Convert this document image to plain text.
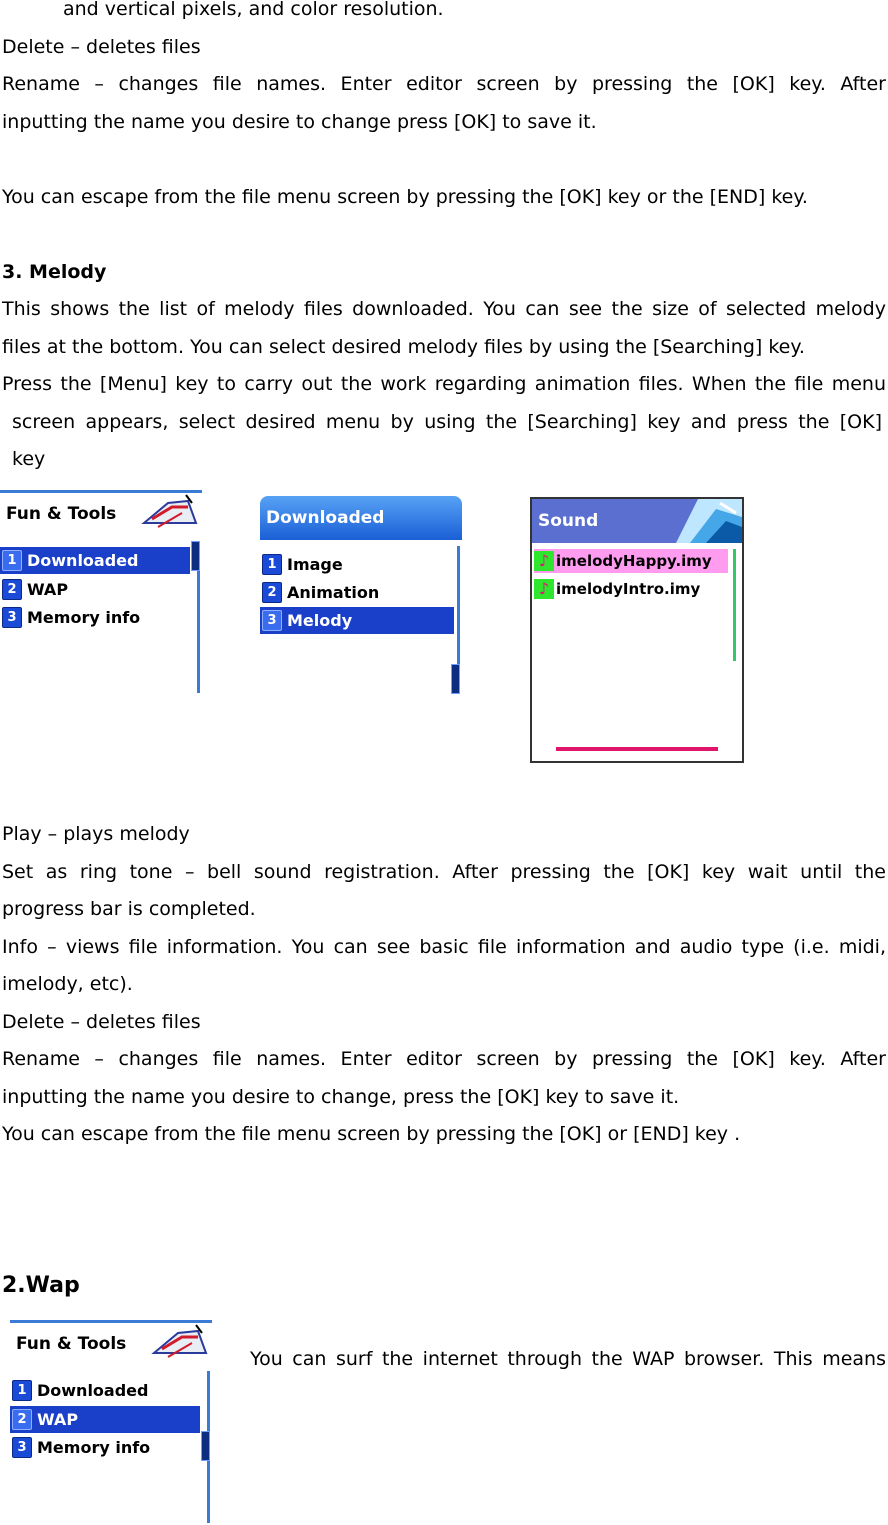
and vertical pixels, and color resolution.
Delete – deletes files
Rename – changes file names. Enter editor screen by pressing the [OK] key. After
inputting the name you desire to change press [OK] to save it.
You can escape from the file menu screen by pressing the [OK] key or the [END] key.
3. Melody
This shows the list of melody files downloaded. You can see the size of selected melody
files at the bottom. You can select desired melody files by using the [Searching] key.
Press the [Menu] key to carry out the work regarding animation files. When the file menu
screen appears, select desired menu by using the [Searching] key and press the [OK]
key
Fun & Tools
1 Downloaded
2 WAP
3 Memory info
Downloaded
1 Image
2 Animation
3 Melody
Sound
♪ imelodyHappy.imy
♪ imelodyIntro.imy
Play – plays melody
Set as ring tone – bell sound registration. After pressing the [OK] key wait until the
progress bar is completed.
Info – views file information. You can see basic file information and audio type (i.e. midi,
imelody, etc).
Delete – deletes files
Rename – changes file names. Enter editor screen by pressing the [OK] key. After
inputting the name you desire to change, press the [OK] key to save it.
You can escape from the file menu screen by pressing the [OK] or [END] key .
2.Wap
Fun & Tools
1 Downloaded
2 WAP
3 Memory info
You can surf the internet through the WAP browser. This means
